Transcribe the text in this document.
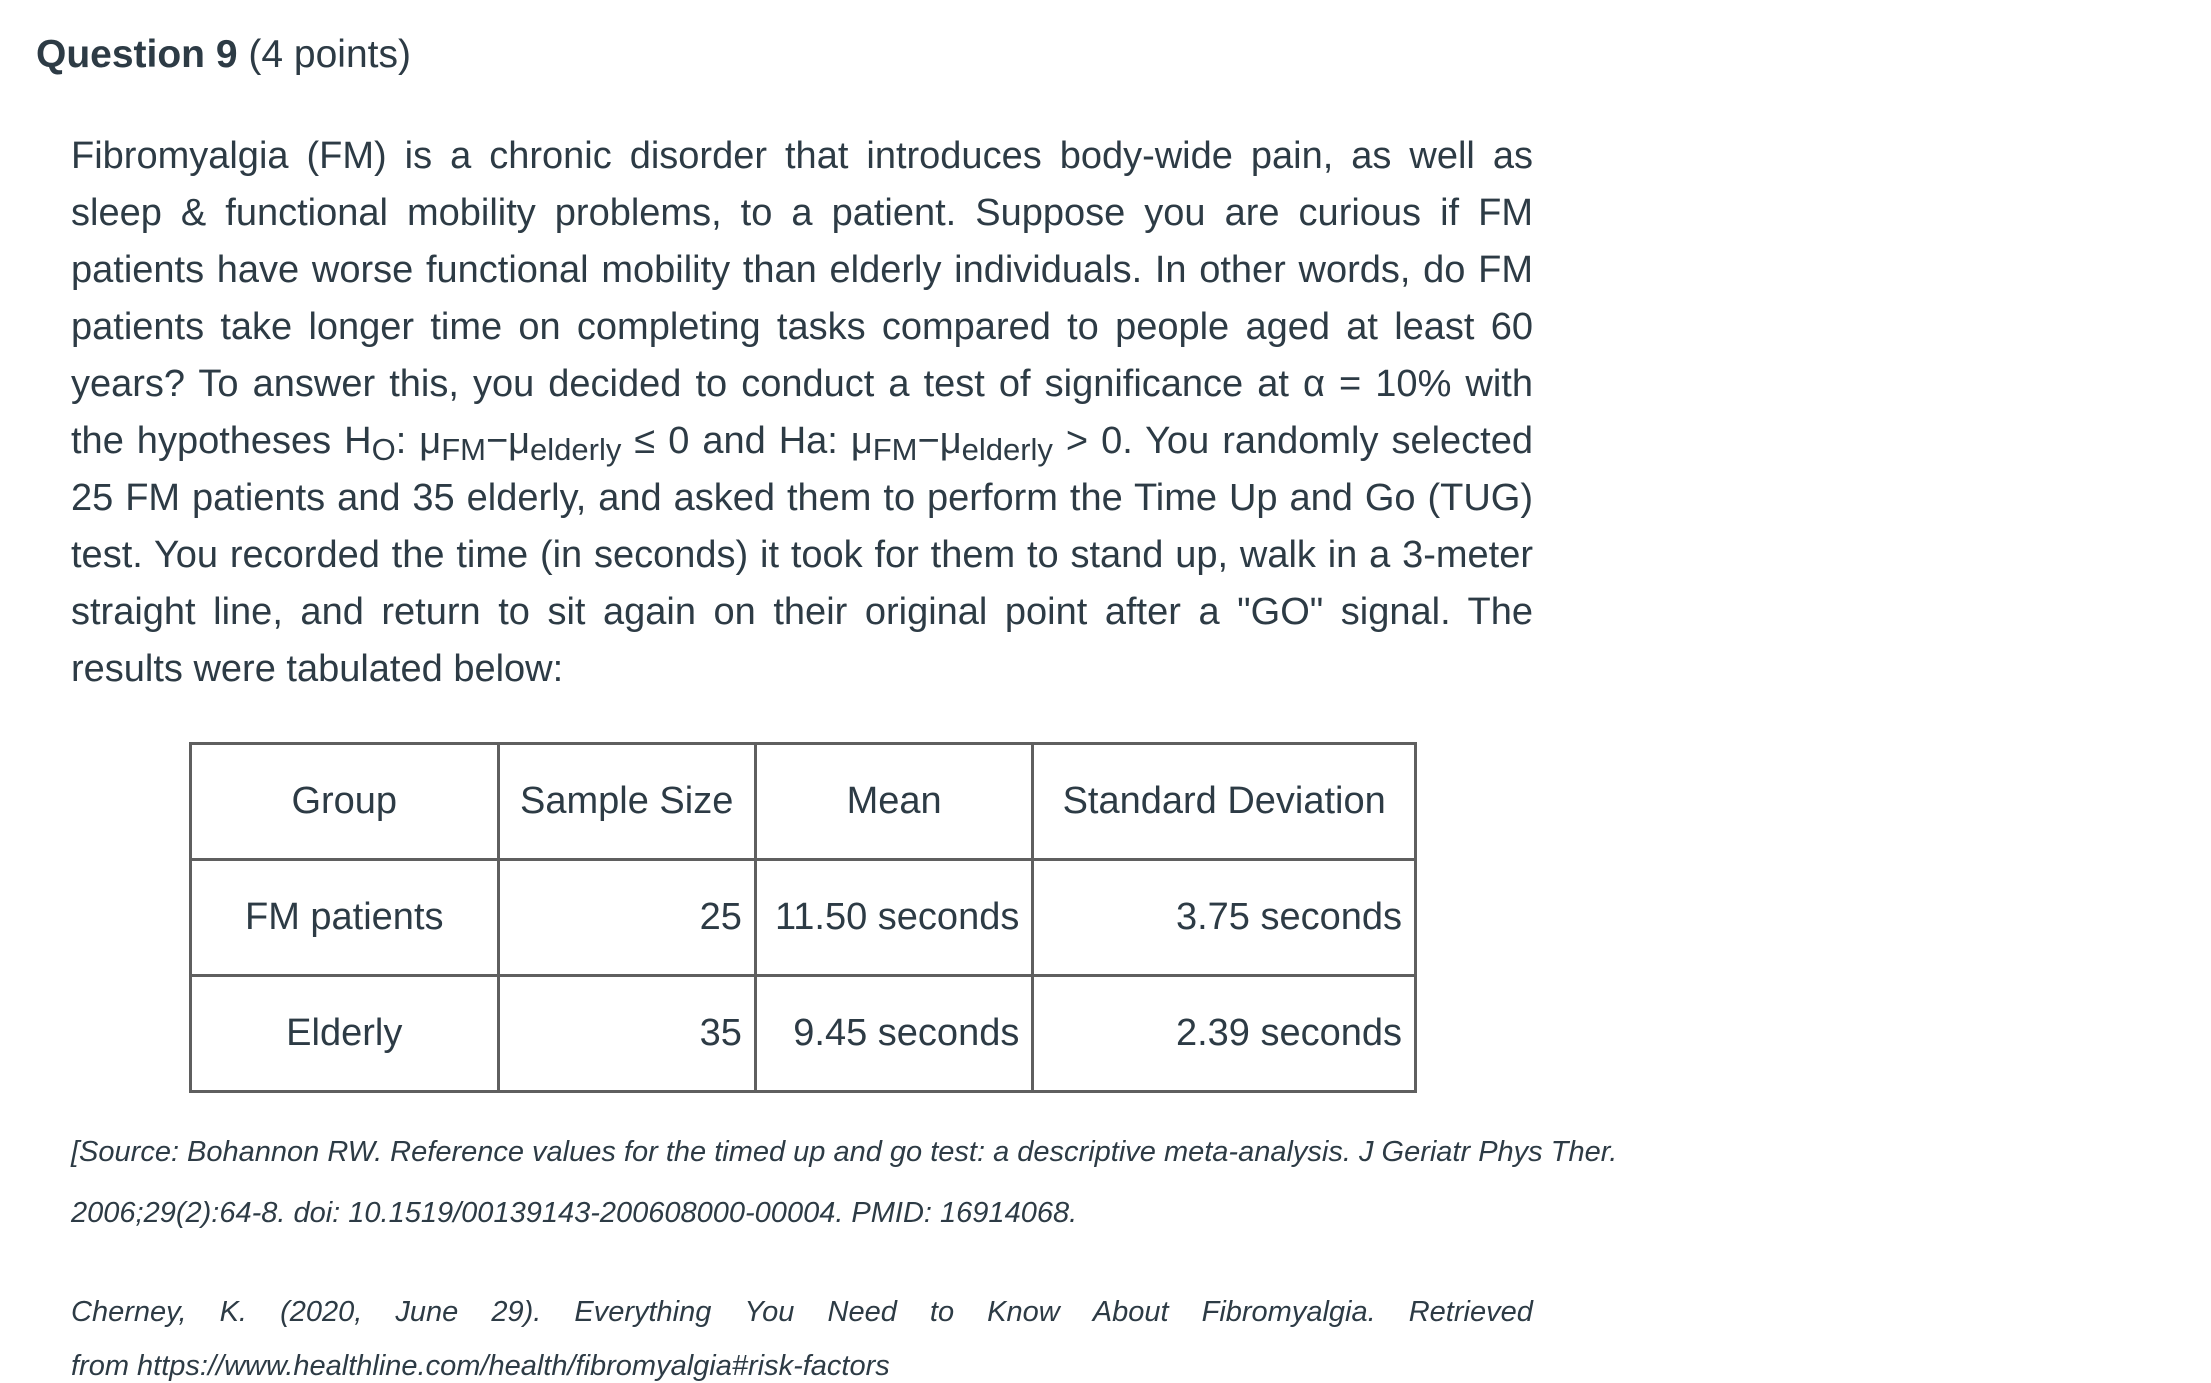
Question 9 (4 points)

Fibromyalgia (FM) is a chronic disorder that introduces body-wide pain, as well as sleep & functional mobility problems, to a patient. Suppose you are curious if FM patients have worse functional mobility than elderly individuals. In other words, do FM patients take longer time on completing tasks compared to people aged at least 60 years? To answer this, you decided to conduct a test of significance at α = 10% with the hypotheses $H_O$: $\mu_{FM}-\mu_{elderly} \le 0$ and Ha: $\mu_{FM}-\mu_{elderly} > 0$. You randomly selected 25 FM patients and 35 elderly, and asked them to perform the Time Up and Go (TUG) test. You recorded the time (in seconds) it took for them to stand up, walk in a 3-meter straight line, and return to sit again on their original point after a "GO" signal. The results were tabulated below:

Group	Sample Size	Mean	Standard Deviation
FM patients	25	11.50 seconds	3.75 seconds
Elderly	35	9.45 seconds	2.39 seconds
[Source: Bohannon RW. Reference values for the timed up and go test: a descriptive meta-analysis. J Geriatr Phys Ther.
2006;29(2):64-8. doi: 10.1519/00139143-200608000-00004. PMID: 16914068.
Cherney, K. (2020, June 29). Everything You Need to Know About Fibromyalgia. Retrieved
from https://www.healthline.com/health/fibromyalgia#risk-factors
